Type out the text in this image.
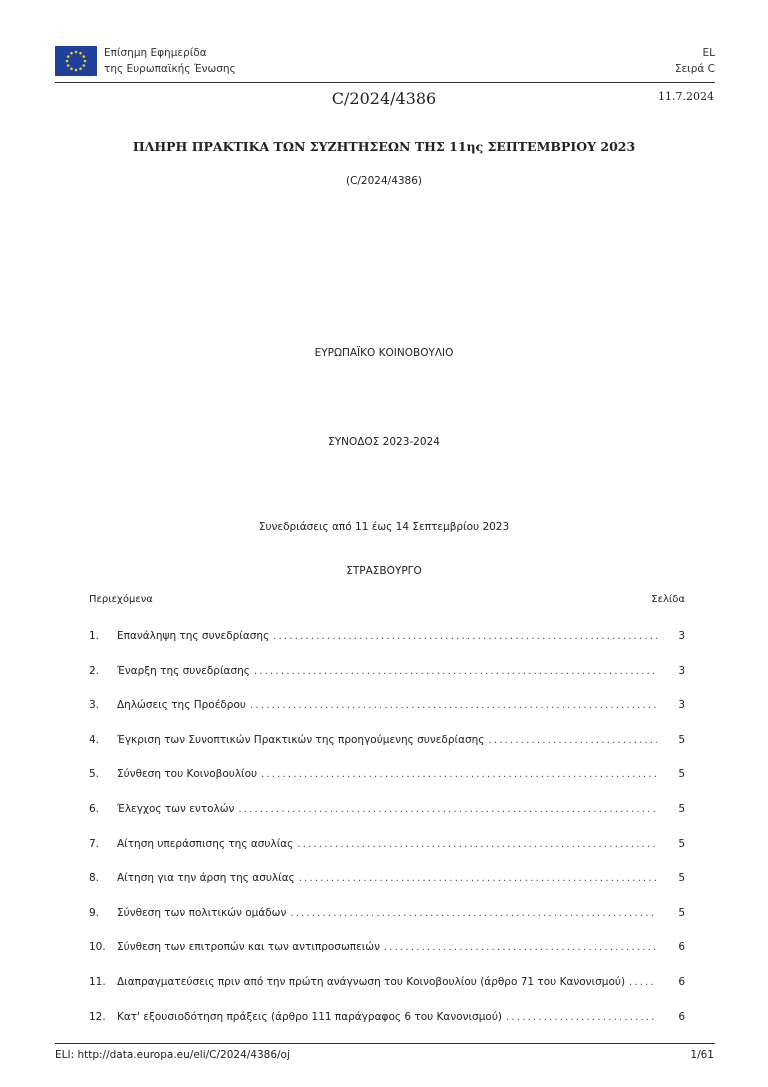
Επίσημη Εφημερίδα
της Ευρωπαϊκής Ένωσης
EL
Σειρά C
C/2024/4386	11.7.2024
ΠΛΗΡΗ ΠΡΑΚΤΙΚΑ ΤΩΝ ΣΥΖΗΤΗΣΕΩΝ ΤΗΣ 11ης ΣΕΠΤΕΜΒΡΙΟΥ 2023
(C/2024/4386)
ΕΥΡΩΠΑΪΚΟ ΚΟΙΝΟΒΟΥΛΙΟ
ΣΥΝΟΔΟΣ 2023-2024
Συνεδριάσεις από 11 έως 14 Σεπτεμβρίου 2023
ΣΤΡΑΣΒΟΥΡΓΟ
Περιεχόμενα	Σελίδα
1.	Επανάληψη της συνεδρίασης .....	3
2.	Έναρξη της συνεδρίασης .....	3
3.	Δηλώσεις της Προέδρου .....	3
4.	Έγκριση των Συνοπτικών Πρακτικών της προηγούμενης συνεδρίασης .....	5
5.	Σύνθεση του Κοινοβουλίου .....	5
6.	Έλεγχος των εντολών .....	5
7.	Αίτηση υπεράσπισης της ασυλίας .....	5
8.	Αίτηση για την άρση της ασυλίας .....	5
9.	Σύνθεση των πολιτικών ομάδων .....	5
10.	Σύνθεση των επιτροπών και των αντιπροσωπειών .....	6
11.	Διαπραγματεύσεις πριν από την πρώτη ανάγνωση του Κοινοβουλίου (άρθρο 71 του Κανονισμού) .....	6
12.	Κατ' εξουσιοδότηση πράξεις (άρθρο 111 παράγραφος 6 του Κανονισμού) .....	6
ELI: http://data.europa.eu/eli/C/2024/4386/oj	1/61
